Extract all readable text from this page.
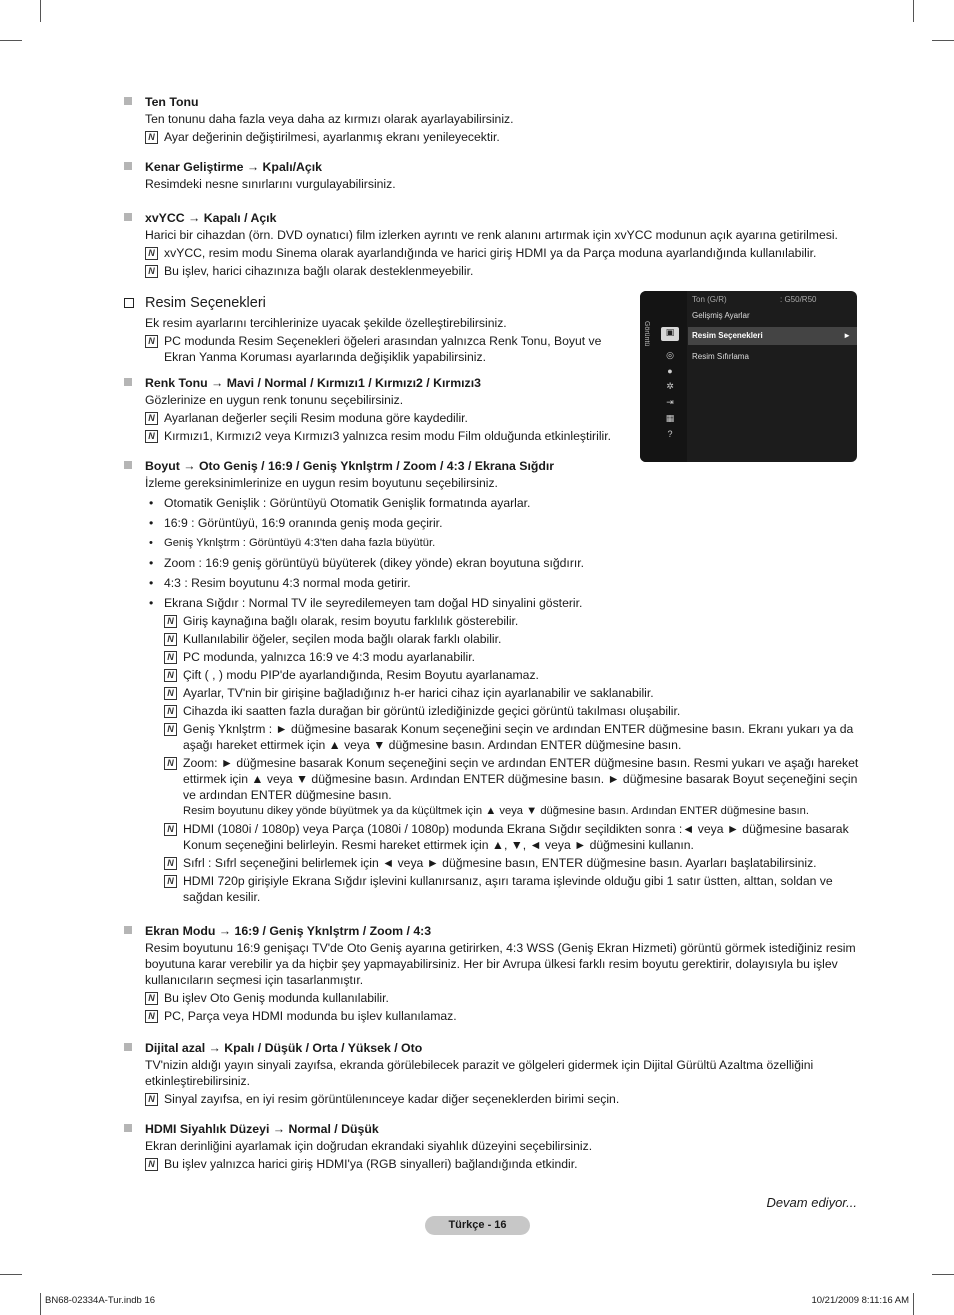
Ten Tonu
Ten tonunu daha fazla veya daha az kırmızı olarak ayarlayabilirsiniz.
N Ayar değerinin değiştirilmesi, ayarlanmış ekranı yenileyecektir.
Kenar Geliştirme → Kpalı/Açık
Resimdeki nesne sınırlarını vurgulayabilirsiniz.
xvYCC → Kapalı / Açık
Harici bir cihazdan (örn. DVD oynatıcı) film izlerken ayrıntı ve renk alanını artırmak için xvYCC modunun açık ayarına getirilmesi.
N xvYCC, resim modu Sinema olarak ayarlandığında ve harici giriş HDMI ya da Parça moduna ayarlandığında kullanılabilir.
N Bu işlev, harici cihazınıza bağlı olarak desteklenmeyebilir.
Resim Seçenekleri
Ek resim ayarlarını tercihlerinize uyacak şekilde özelleştirebilirsiniz.
N PC modunda Resim Seçenekleri öğeleri arasından yalnızca Renk Tonu, Boyut ve Ekran Yanma Koruması ayarlarında değişiklik yapabilirsiniz.
Renk Tonu → Mavi / Normal / Kırmızı1 / Kırmızı2 / Kırmızı3
Gözlerinize en uygun renk tonunu seçebilirsiniz.
N Ayarlanan değerler seçili Resim moduna göre kaydedilir.
N Kırmızı1, Kırmızı2 veya Kırmızı3 yalnızca resim modu Film olduğunda etkinleştirilir.
Boyut → Oto Geniş / 16:9 / Geniş Yknlştrm / Zoom / 4:3 / Ekrana Sığdır
İzleme gereksinimlerinize en uygun resim boyutunu seçebilirsiniz.
• Otomatik Genişlik : Görüntüyü Otomatik Genişlik formatında ayarlar.
• 16:9 : Görüntüyü, 16:9 oranında geniş moda geçirir.
• Geniş Yknlştrm : Görüntüyü 4:3'ten daha fazla büyütür.
• Zoom : 16:9 geniş görüntüyü büyüterek (dikey yönde) ekran boyutuna sığdırır.
• 4:3 : Resim boyutunu 4:3 normal moda getirir.
• Ekrana Sığdır : Normal TV ile seyredilemeyen tam doğal HD sinyalini gösterir.
N Giriş kaynağına bağlı olarak, resim boyutu farklılık gösterebilir.
N Kullanılabilir öğeler, seçilen moda bağlı olarak farklı olabilir.
N PC modunda, yalnızca 16:9 ve 4:3 modu ayarlanabilir.
N Çift ( , ) modu PIP'de ayarlandığında, Resim Boyutu ayarlanamaz.
N Ayarlar, TV'nin bir girişine bağladığınız h-er harici cihaz için ayarlanabilir ve saklanabilir.
N Cihazda iki saatten fazla durağan bir görüntü izlediğinizde geçici görüntü takılması oluşabilir.
N Geniş Yknlştrm : ► düğmesine basarak Konum seçeneğini seçin ve ardından ENTER düğmesine basın. Ekranı yukarı ya da aşağı hareket ettirmek için ▲ veya ▼ düğmesine basın. Ardından ENTER düğmesine basın.
N Zoom: ► düğmesine basarak Konum seçeneğini seçin ve ardından ENTER düğmesine basın. Resmi yukarı ve aşağı hareket ettirmek için ▲ veya ▼ düğmesine basın. Ardından ENTER düğmesine basın. ► düğmesine basarak Boyut seçeneğini seçin ve ardından ENTER düğmesine basın.
Resim boyutunu dikey yönde büyütmek ya da küçültmek için ▲ veya ▼ düğmesine basın. Ardından ENTER düğmesine basın.
N HDMI (1080i / 1080p) veya Parça (1080i / 1080p) modunda Ekrana Sığdır seçildikten sonra :◄ veya ► düğmesine basarak Konum seçeneğini belirleyin. Resmi hareket ettirmek için ▲, ▼, ◄ veya ► düğmesini kullanın.
N Sıfrl : Sıfrl seçeneğini belirlemek için ◄ veya ► düğmesine basın, ENTER düğmesine basın. Ayarları başlatabilirsiniz.
N HDMI 720p girişiyle Ekrana Sığdır işlevini kullanırsanız, aşırı tarama işlevinde olduğu gibi 1 satır üstten, alttan, soldan ve sağdan kesilir.
Ekran Modu → 16:9 / Geniş Yknlştrm / Zoom / 4:3
Resim boyutunu 16:9 genişaçı TV'de Oto Geniş ayarına getirirken, 4:3 WSS (Geniş Ekran Hizmeti) görüntü görmek istediğiniz resim boyutuna karar verebilir ya da hiçbir şey yapmayabilirsiniz. Her bir Avrupa ülkesi farklı resim boyutu gerektirir, dolayısıyla bu işlev kullanıcıların seçmesi için tasarlanmıştır.
N Bu işlev Oto Geniş modunda kullanılabilir.
N PC, Parça veya HDMI modunda bu işlev kullanılamaz.
Dijital azal → Kpalı / Düşük / Orta / Yüksek / Oto
TV'nizin aldığı yayın sinyali zayıfsa, ekranda görülebilecek parazit ve gölgeleri gidermek için Dijital Gürültü Azaltma özelliğini etkinleştirebilirsiniz.
N Sinyal zayıfsa, en iyi resim görüntülenınceye kadar diğer seçeneklerden birimi seçin.
HDMI Siyahlık Düzeyi → Normal / Düşük
Ekran derinliğini ayarlamak için doğrudan ekrandaki siyahlık düzeyini seçebilirsiniz.
N Bu işlev yalnızca harici giriş HDMI'ya (RGB sinyalleri) bağlandığında etkindir.
Görüntü	▣
◎
●
✲
⇥
▦
?
Ton (G/R)	: G50/R50
Gelişmiş Ayarlar
Resim Seçenekleri	►
Resim Sıfırlama
Devam ediyor...
Türkçe - 16
BN68-02334A-Tur.indb 16	10/21/2009 8:11:16 AM
